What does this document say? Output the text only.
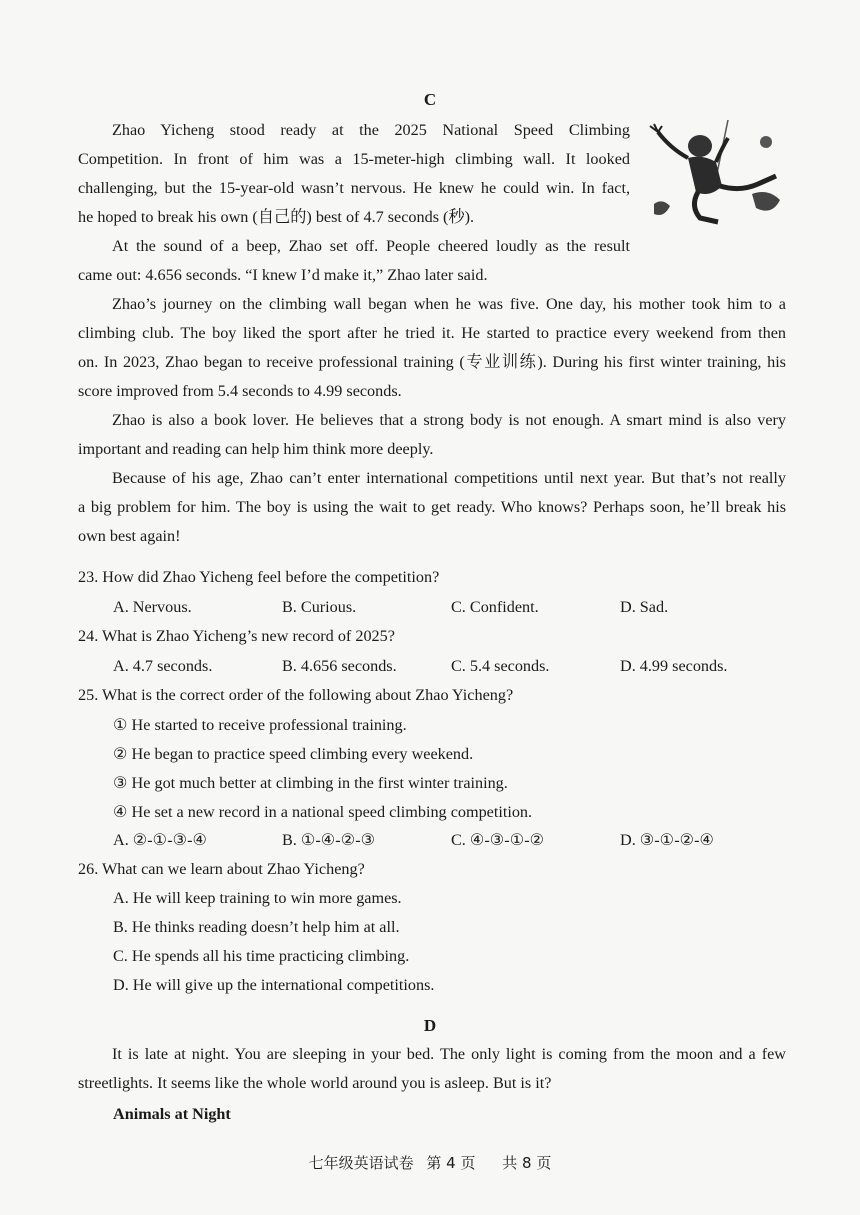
C
Zhao Yicheng stood ready at the 2025 National Speed Climbing
Competition. In front of him was a 15-meter-high climbing wall. It looked
challenging, but the 15-year-old wasn’t nervous. He knew he could win. In fact,
he hoped to break his own (自己的) best of 4.7 seconds (秒).
At the sound of a beep, Zhao set off. People cheered loudly as the result
came out: 4.656 seconds. “I knew I’d make it,” Zhao later said.
Zhao’s journey on the climbing wall began when he was five. One day, his mother took him to a
climbing club. The boy liked the sport after he tried it. He started to practice every weekend from then
on. In 2023, Zhao began to receive professional training (专业训练). During his first winter training, his
score improved from 5.4 seconds to 4.99 seconds.
Zhao is also a book lover. He believes that a strong body is not enough. A smart mind is also very
important and reading can help him think more deeply.
Because of his age, Zhao can’t enter international competitions until next year. But that’s not really
a big problem for him. The boy is using the wait to get ready. Who knows? Perhaps soon, he’ll break his
own best again!
23. How did Zhao Yicheng feel before the competition?
A. Nervous.	B. Curious.	C. Confident.	D. Sad.
24. What is Zhao Yicheng’s new record of 2025?
A. 4.7 seconds.	B. 4.656 seconds.	C. 5.4 seconds.	D. 4.99 seconds.
25. What is the correct order of the following about Zhao Yicheng?
① He started to receive professional training.
② He began to practice speed climbing every weekend.
③ He got much better at climbing in the first winter training.
④ He set a new record in a national speed climbing competition.
A. ②-①-③-④	B. ①-④-②-③	C. ④-③-①-②	D. ③-①-②-④
26. What can we learn about Zhao Yicheng?
A. He will keep training to win more games.
B. He thinks reading doesn’t help him at all.
C. He spends all his time practicing climbing.
D. He will give up the international competitions.
D
It is late at night. You are sleeping in your bed. The only light is coming from the moon and a few
streetlights. It seems like the whole world around you is asleep. But is it?
Animals at Night
七年级英语试卷 第 4 页 共 8 页
